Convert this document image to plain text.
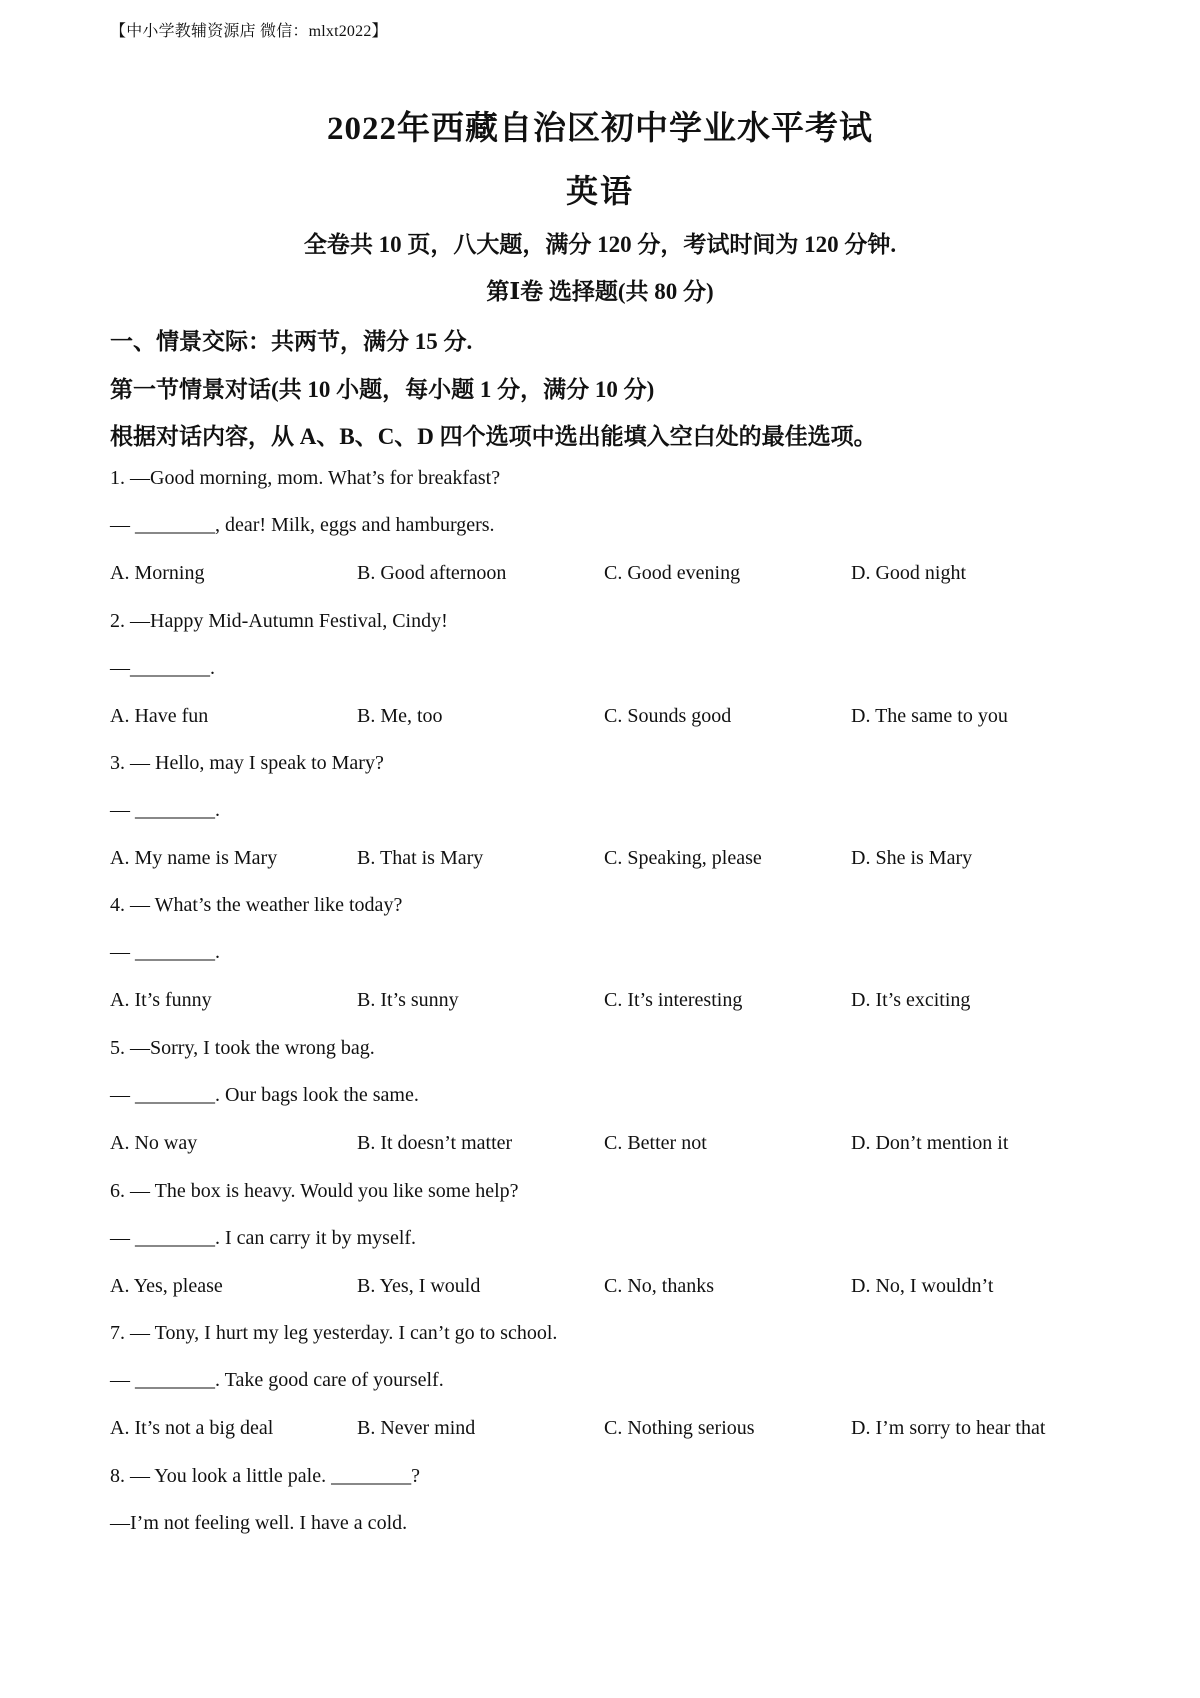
【中小学教辅资源店 微信：mlxt2022】
2022年西藏自治区初中学业水平考试
英语
全卷共 10 页，八大题，满分 120 分，考试时间为 120 分钟.
第Ⅰ卷 选择题(共 80 分)
一、情景交际：共两节，满分 15 分.
第一节情景对话(共 10 小题，每小题 1 分，满分 10 分)
根据对话内容，从 A、B、C、D 四个选项中选出能填入空白处的最佳选项。
1. —Good morning, mom. What’s for breakfast?
— ________, dear! Milk, eggs and hamburgers.
A. Morning	B. Good afternoon	C. Good evening	D. Good night
2. —Happy Mid-Autumn Festival, Cindy!
—________.
A. Have fun	B. Me, too	C. Sounds good	D. The same to you
3. — Hello, may I speak to Mary?
— ________.
A. My name is Mary	B. That is Mary	C. Speaking, please	D. She is Mary
4. — What’s the weather like today?
— ________.
A. It’s funny	B. It’s sunny	C. It’s interesting	D. It’s exciting
5. —Sorry, I took the wrong bag.
— ________. Our bags look the same.
A. No way	B. It doesn’t matter	C. Better not	D. Don’t mention it
6. — The box is heavy. Would you like some help?
— ________. I can carry it by myself.
A. Yes, please	B. Yes, I would	C. No, thanks	D. No, I wouldn’t
7. — Tony, I hurt my leg yesterday. I can’t go to school.
— ________. Take good care of yourself.
A. It’s not a big deal	B. Never mind	C. Nothing serious	D. I’m sorry to hear that
8. — You look a little pale. ________?
—I’m not feeling well. I have a cold.
